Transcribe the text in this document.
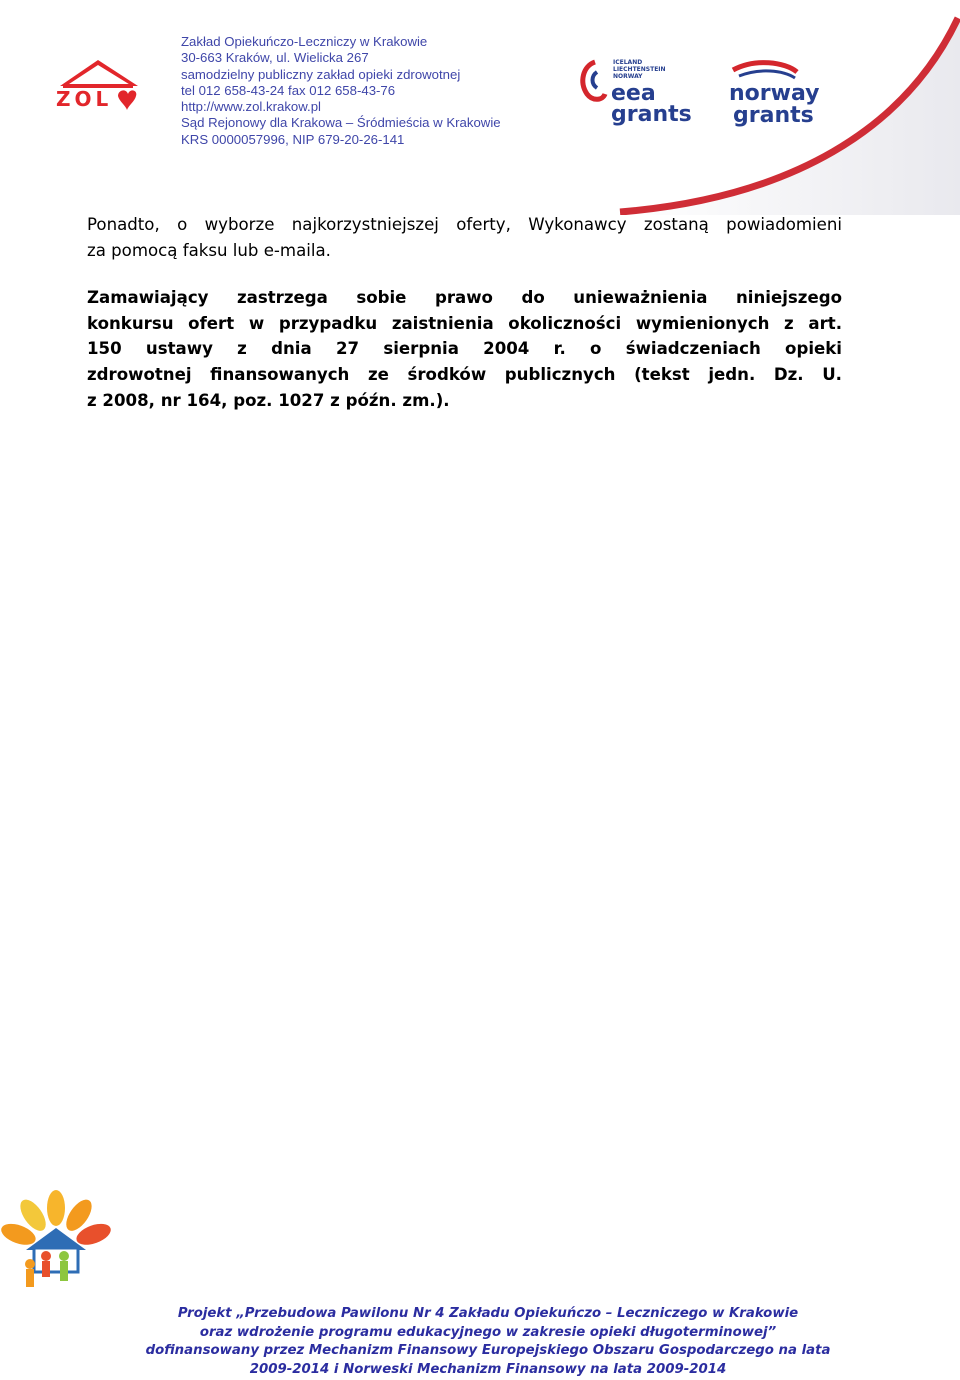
ZOL
Zakład Opiekuńczo-Leczniczy w Krakowie
30-663 Kraków, ul. Wielicka 267
samodzielny publiczny zakład opieki zdrowotnej
tel 012 658-43-24 fax 012 658-43-76
http://www.zol.krakow.pl
Sąd Rejonowy dla Krakowa – Śródmieścia w Krakowie
KRS 0000057996, NIP 679-20-26-141
ICELAND
LIECHTENSTEIN
NORWAY
eea
grants
norway
grants
Ponadto, o wyborze najkorzystniejszej oferty, Wykonawcy zostaną powiadomieni
za pomocą faksu lub e-maila.
Zamawiający zastrzega sobie prawo do unieważnienia niniejszego
konkursu ofert w przypadku zaistnienia okoliczności wymienionych z art.
150 ustawy z dnia 27 sierpnia 2004 r. o świadczeniach opieki
zdrowotnej finansowanych ze środków publicznych (tekst jedn. Dz. U.
z 2008, nr 164, poz. 1027 z późn. zm.).
Projekt „Przebudowa Pawilonu Nr 4 Zakładu Opiekuńczo – Leczniczego w Krakowie
oraz wdrożenie programu edukacyjnego w zakresie opieki długoterminowej”
dofinansowany przez Mechanizm Finansowy Europejskiego Obszaru Gospodarczego na lata
2009-2014 i Norweski Mechanizm Finansowy na lata 2009-2014
